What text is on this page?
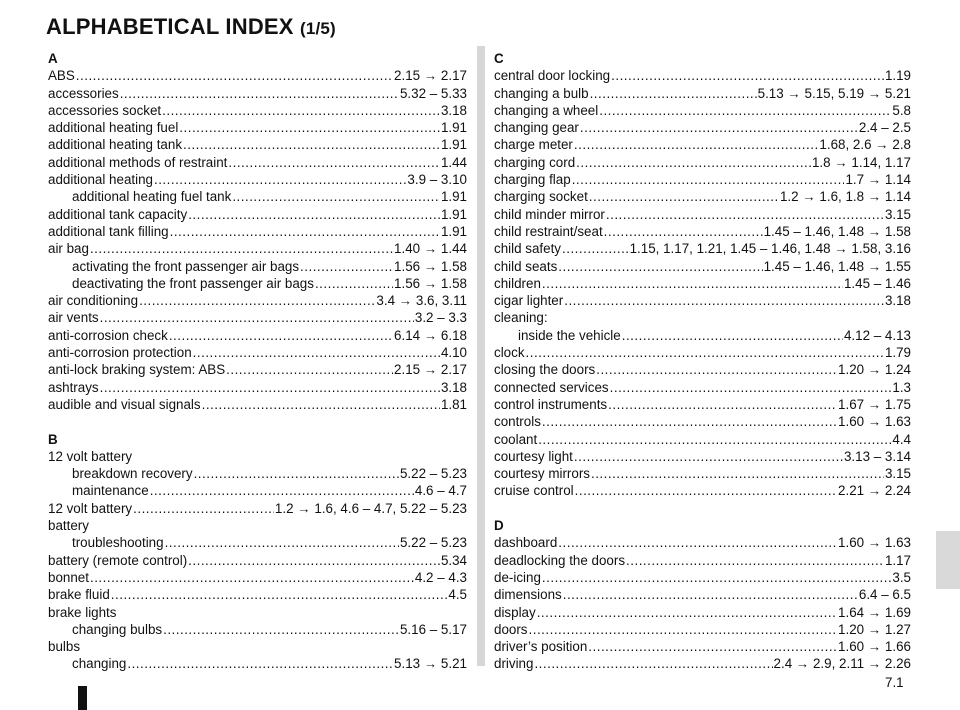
ALPHABETICAL INDEX (1/5)
A
ABS .....	2.15 → 2.17
accessories .....	5.32 – 5.33
accessories socket .....	3.18
additional heating fuel .....	1.91
additional heating tank .....	1.91
additional methods of restraint .....	1.44
additional heating .....	3.9 – 3.10
additional heating fuel tank .....	1.91
additional tank capacity .....	1.91
additional tank filling .....	1.91
air bag .....	1.40 → 1.44
activating the front passenger air bags .....	1.56 → 1.58
deactivating the front passenger air bags .....	1.56 → 1.58
air conditioning .....	3.4 → 3.6, 3.11
air vents .....	3.2 – 3.3
anti-corrosion check .....	6.14 → 6.18
anti-corrosion protection .....	4.10
anti-lock braking system: ABS .....	2.15 → 2.17
ashtrays .....	3.18
audible and visual signals .....	1.81
B
12 volt battery
breakdown recovery .....	5.22 – 5.23
maintenance .....	4.6 – 4.7
12 volt battery .....	1.2 → 1.6, 4.6 – 4.7, 5.22 – 5.23
battery
troubleshooting .....	5.22 – 5.23
battery (remote control) .....	5.34
bonnet .....	4.2 – 4.3
brake fluid .....	4.5
brake lights
changing bulbs .....	5.16 – 5.17
bulbs
changing .....	5.13 → 5.21
C
central door locking .....	1.19
changing a bulb .....	5.13 → 5.15, 5.19 → 5.21
changing a wheel .....	5.8
changing gear .....	2.4 – 2.5
charge meter .....	1.68, 2.6 → 2.8
charging cord .....	1.8 → 1.14, 1.17
charging flap .....	1.7 → 1.14
charging socket .....	1.2 → 1.6, 1.8 → 1.14
child minder mirror .....	3.15
child restraint/seat .....	1.45 – 1.46, 1.48 → 1.58
child safety .....	1.15, 1.17, 1.21, 1.45 – 1.46, 1.48 → 1.58, 3.16
child seats .....	1.45 – 1.46, 1.48 → 1.55
children .....	1.45 – 1.46
cigar lighter .....	3.18
cleaning:
inside the vehicle .....	4.12 – 4.13
clock .....	1.79
closing the doors .....	1.20 → 1.24
connected services .....	1.3
control instruments .....	1.67 → 1.75
controls .....	1.60 → 1.63
coolant .....	4.4
courtesy light .....	3.13 – 3.14
courtesy mirrors .....	3.15
cruise control .....	2.21 → 2.24
D
dashboard .....	1.60 → 1.63
deadlocking the doors .....	1.17
de-icing .....	3.5
dimensions .....	6.4 – 6.5
display .....	1.64 → 1.69
doors .....	1.20 → 1.27
driver’s position .....	1.60 → 1.66
driving .....	2.4 → 2.9, 2.11 → 2.26
7.1
